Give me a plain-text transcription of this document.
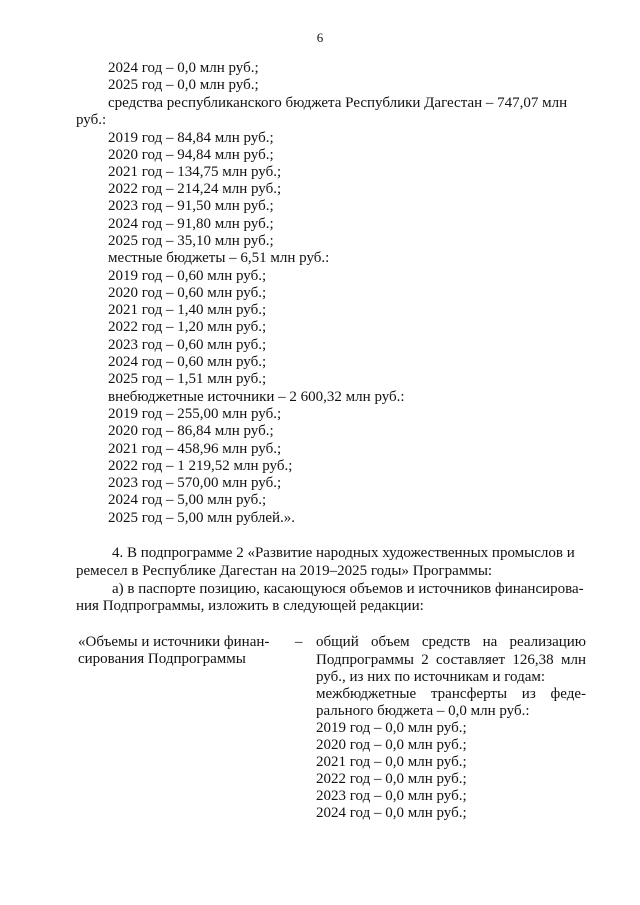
6
2024 год – 0,0 млн руб.;
2025 год – 0,0 млн руб.;
средства республиканского бюджета Республики Дагестан – 747,07 млн
руб.:
2019 год – 84,84 млн руб.;
2020 год – 94,84 млн руб.;
2021 год – 134,75 млн руб.;
2022 год – 214,24 млн руб.;
2023 год – 91,50 млн руб.;
2024 год – 91,80 млн руб.;
2025 год – 35,10 млн руб.;
местные бюджеты – 6,51 млн руб.:
2019 год – 0,60 млн руб.;
2020 год – 0,60 млн руб.;
2021 год – 1,40 млн руб.;
2022 год – 1,20 млн руб.;
2023 год – 0,60 млн руб.;
2024 год – 0,60 млн руб.;
2025 год – 1,51 млн руб.;
внебюджетные источники – 2 600,32 млн руб.:
2019 год – 255,00 млн руб.;
2020 год – 86,84 млн руб.;
2021 год – 458,96 млн руб.;
2022 год – 1 219,52 млн руб.;
2023 год – 570,00 млн руб.;
2024 год – 5,00 млн руб.;
2025 год – 5,00 млн рублей.».
4. В подпрограмме 2 «Развитие народных художественных промыслов и
ремесел в Республике Дагестан на 2019–2025 годы» Программы:
а) в паспорте позицию, касающуюся объемов и источников финансирова-
ния Подпрограммы, изложить в следующей редакции:
«Объемы и источники финан-
сирования Подпрограммы
– общий объем средств на реализацию
Подпрограммы 2 составляет 126,38 млн
руб., из них по источникам и годам:
межбюджетные трансферты из феде-
рального бюджета – 0,0 млн руб.:
2019 год – 0,0 млн руб.;
2020 год – 0,0 млн руб.;
2021 год – 0,0 млн руб.;
2022 год – 0,0 млн руб.;
2023 год – 0,0 млн руб.;
2024 год – 0,0 млн руб.;
